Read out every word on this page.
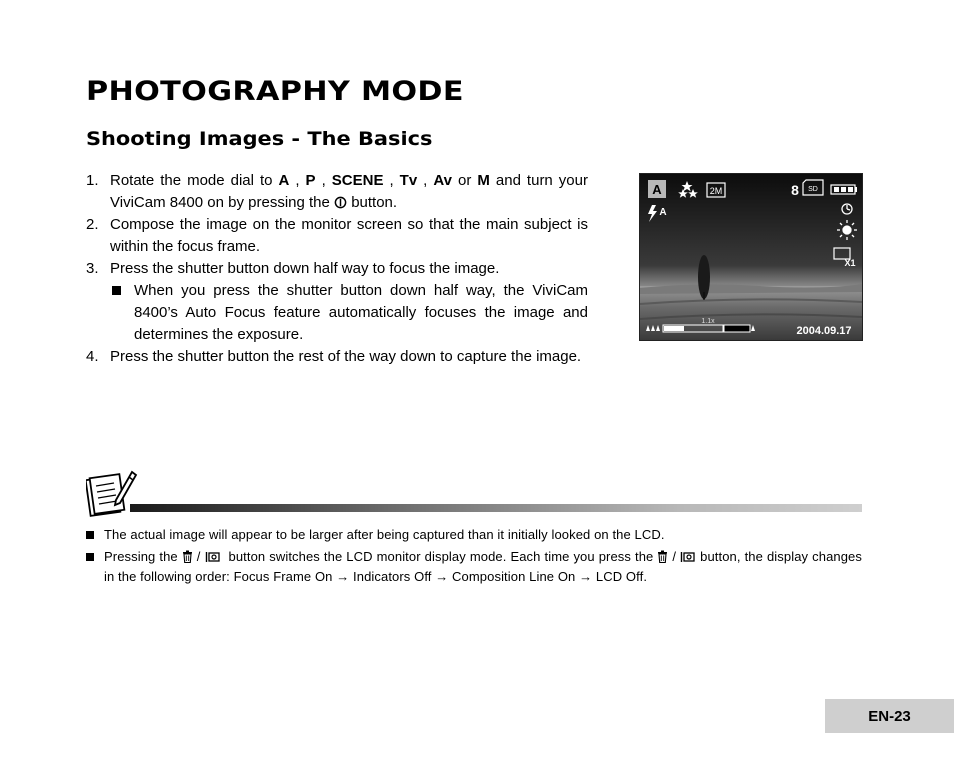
PHOTOGRAPHY MODE
Shooting Images - The Basics
1. Rotate the mode dial to A , P , SCENE , Tv , Av or M and turn your ViviCam 8400 on by pressing the  button.
2. Compose the image on the monitor screen so that the main subject is within the focus frame.
3. Press the shutter button down half way to focus the image.
When you press the shutter button down half way, the ViviCam 8400’s Auto Focus feature automatically focuses the image and determines the exposure.
4. Press the shutter button the rest of the way down to capture the image.
A	2M	8 SD
A
X1
1.1x
2004.09.17
The actual image will appear to be larger after being captured than it initially looked on the LCD.
Pressing the  /   button switches the LCD monitor display mode. Each time you press the  /  button, the display changes in the following order: Focus Frame On → Indicators Off → Composition Line On → LCD Off.
EN-23
